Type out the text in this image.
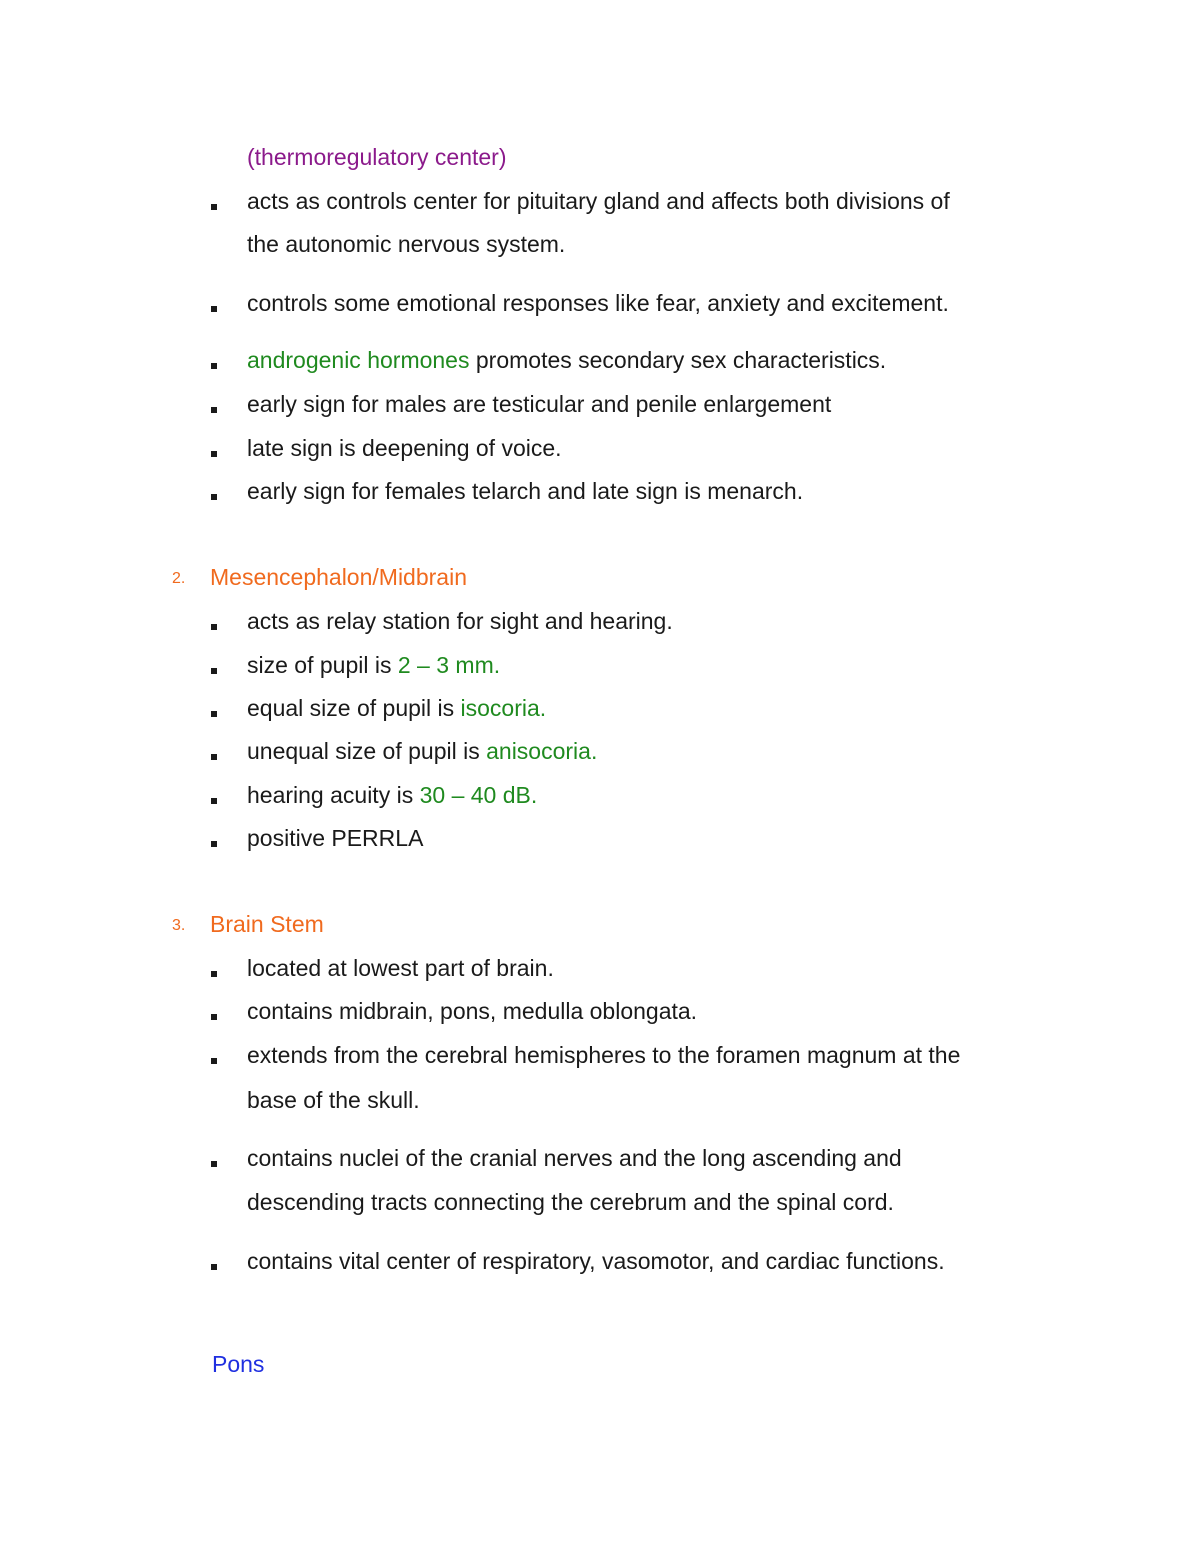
(thermoregulatory center)
acts as controls center for pituitary gland and affects both divisions of
the autonomic nervous system.
controls some emotional responses like fear, anxiety and excitement.
androgenic hormones promotes secondary sex characteristics.
early sign for males are testicular and penile enlargement
late sign is deepening of voice.
early sign for females telarch and late sign is menarch.
2. Mesencephalon/Midbrain
acts as relay station for sight and hearing.
size of pupil is 2 – 3 mm.
equal size of pupil is isocoria.
unequal size of pupil is anisocoria.
hearing acuity is 30 – 40 dB.
positive PERRLA
3. Brain Stem
located at lowest part of brain.
contains midbrain, pons, medulla oblongata.
extends from the cerebral hemispheres to the foramen magnum at the
base of the skull.
contains nuclei of the cranial nerves and the long ascending and
descending tracts connecting the cerebrum and the spinal cord.
contains vital center of respiratory, vasomotor, and cardiac functions.
Pons
